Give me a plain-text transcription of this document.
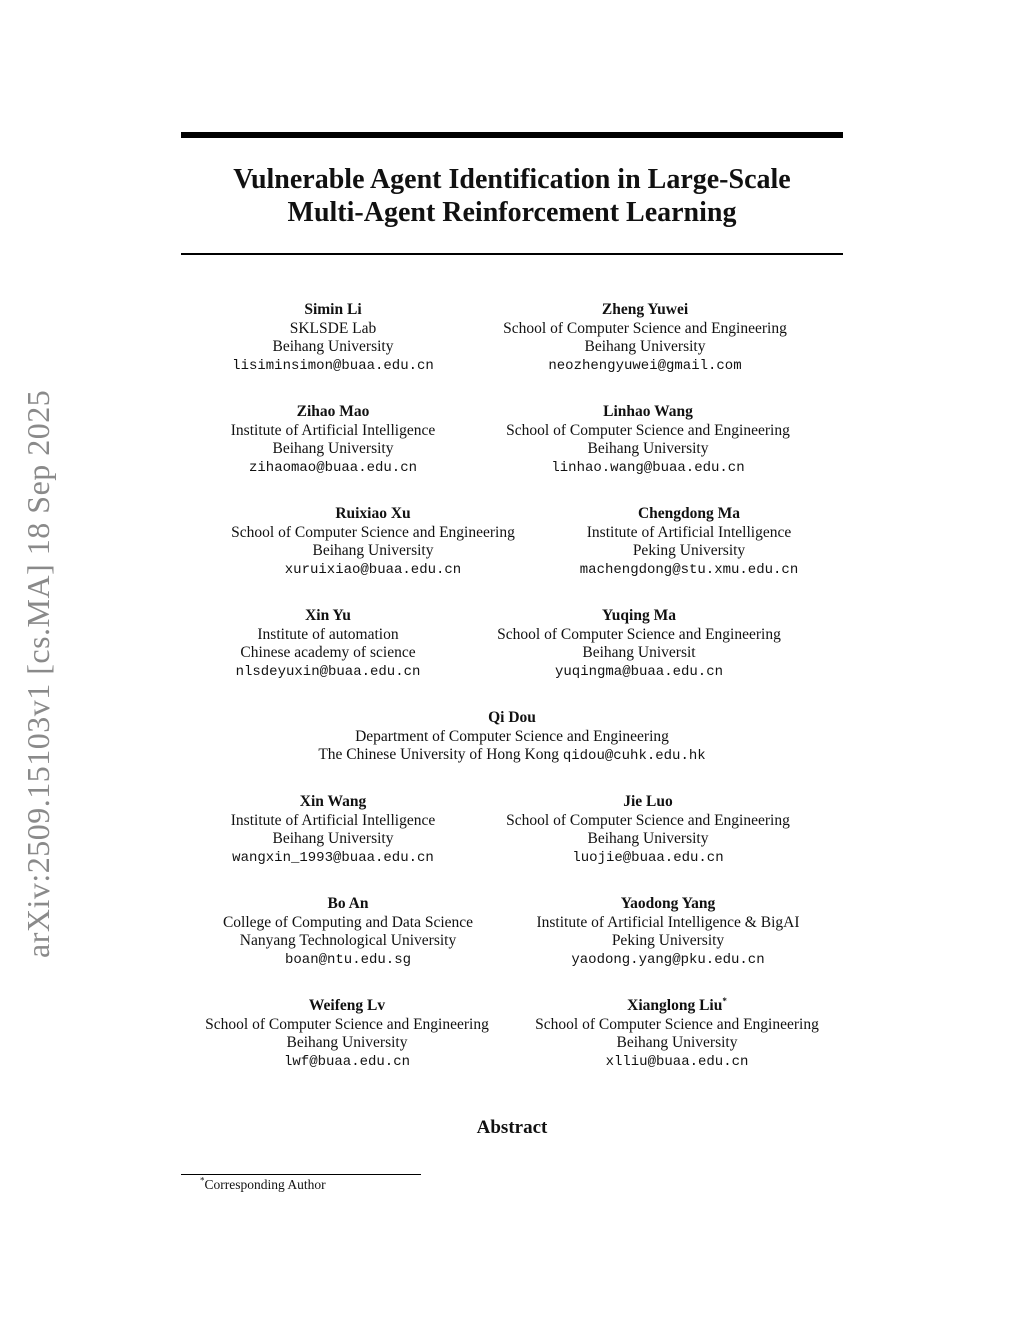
arXiv:2509.15103v1 [cs.MA] 18 Sep 2025
Vulnerable Agent Identification in Large-Scale
Multi-Agent Reinforcement Learning
Simin Li
SKLSDE Lab
Beihang University
lisiminsimon@buaa.edu.cn
Zheng Yuwei
School of Computer Science and Engineering
Beihang University
neozhengyuwei@gmail.com
Zihao Mao
Institute of Artificial Intelligence
Beihang University
zihaomao@buaa.edu.cn
Linhao Wang
School of Computer Science and Engineering
Beihang University
linhao.wang@buaa.edu.cn
Ruixiao Xu
School of Computer Science and Engineering
Beihang University
xuruixiao@buaa.edu.cn
Chengdong Ma
Institute of Artificial Intelligence
Peking University
machengdong@stu.xmu.edu.cn
Xin Yu
Institute of automation
Chinese academy of science
nlsdeyuxin@buaa.edu.cn
Yuqing Ma
School of Computer Science and Engineering
Beihang Universit
yuqingma@buaa.edu.cn
Qi Dou
Department of Computer Science and Engineering
The Chinese University of Hong Kong qidou@cuhk.edu.hk
Xin Wang
Institute of Artificial Intelligence
Beihang University
wangxin_1993@buaa.edu.cn
Jie Luo
School of Computer Science and Engineering
Beihang University
luojie@buaa.edu.cn
Bo An
College of Computing and Data Science
Nanyang Technological University
boan@ntu.edu.sg
Yaodong Yang
Institute of Artificial Intelligence & BigAI
Peking University
yaodong.yang@pku.edu.cn
Weifeng Lv
School of Computer Science and Engineering
Beihang University
lwf@buaa.edu.cn
Xianglong Liu*
School of Computer Science and Engineering
Beihang University
xlliu@buaa.edu.cn
Abstract
*Corresponding Author
